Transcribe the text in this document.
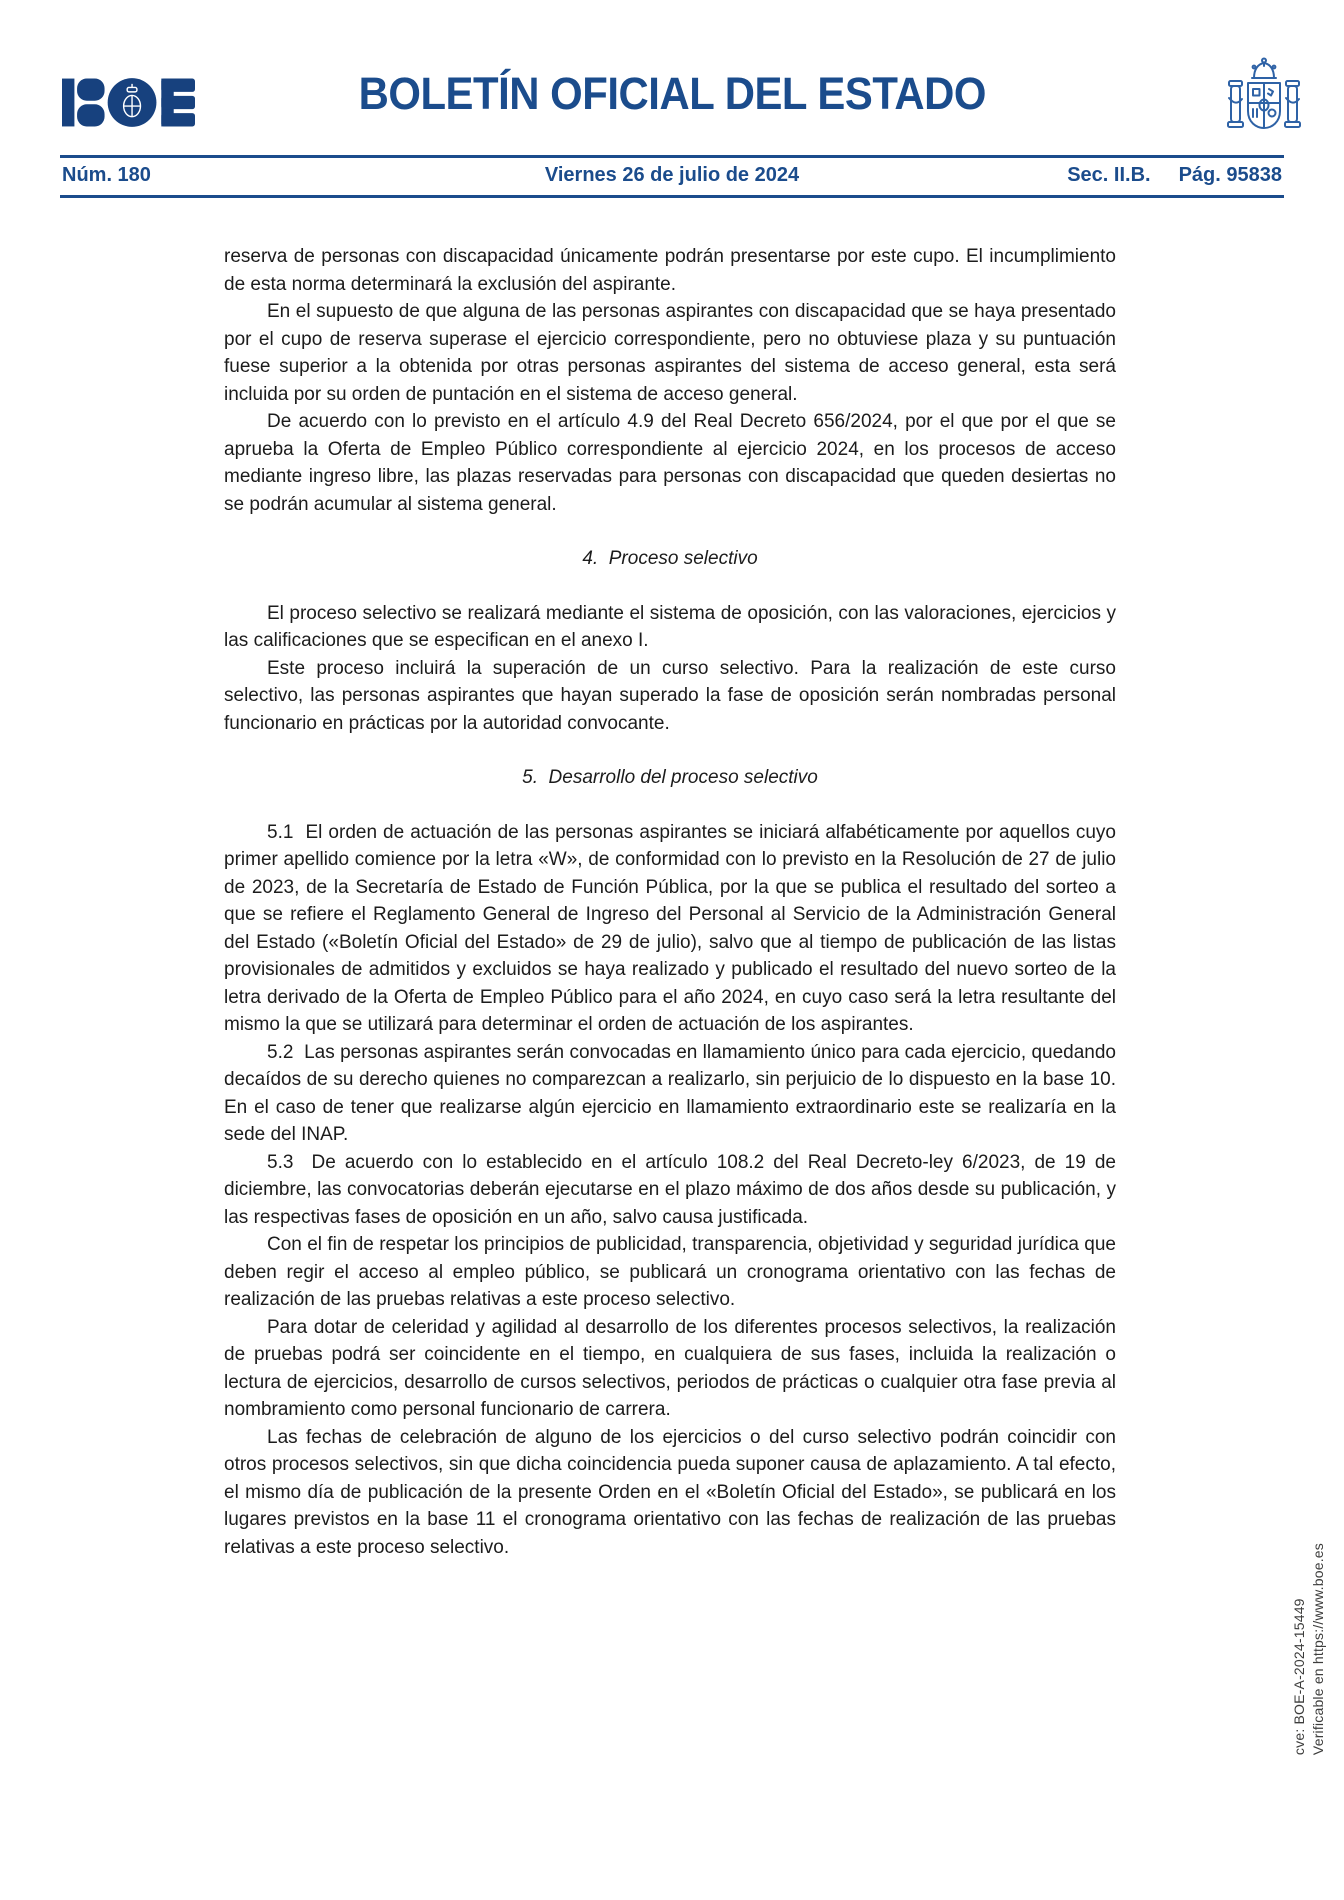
BOLETÍN OFICIAL DEL ESTADO
Núm. 180	Viernes 26 de julio de 2024	Sec. II.B. Pág. 95838

reserva de personas con discapacidad únicamente podrán presentarse por este cupo. El incumplimiento de esta norma determinará la exclusión del aspirante.

En el supuesto de que alguna de las personas aspirantes con discapacidad que se haya presentado por el cupo de reserva superase el ejercicio correspondiente, pero no obtuviese plaza y su puntuación fuese superior a la obtenida por otras personas aspirantes del sistema de acceso general, esta será incluida por su orden de puntación en el sistema de acceso general.

De acuerdo con lo previsto en el artículo 4.9 del Real Decreto 656/2024, por el que por el que se aprueba la Oferta de Empleo Público correspondiente al ejercicio 2024, en los procesos de acceso mediante ingreso libre, las plazas reservadas para personas con discapacidad que queden desiertas no se podrán acumular al sistema general.

4.  Proceso selectivo

El proceso selectivo se realizará mediante el sistema de oposición, con las valoraciones, ejercicios y las calificaciones que se especifican en el anexo I.

Este proceso incluirá la superación de un curso selectivo. Para la realización de este curso selectivo, las personas aspirantes que hayan superado la fase de oposición serán nombradas personal funcionario en prácticas por la autoridad convocante.

5.  Desarrollo del proceso selectivo

5.1  El orden de actuación de las personas aspirantes se iniciará alfabéticamente por aquellos cuyo primer apellido comience por la letra «W», de conformidad con lo previsto en la Resolución de 27 de julio de 2023, de la Secretaría de Estado de Función Pública, por la que se publica el resultado del sorteo a que se refiere el Reglamento General de Ingreso del Personal al Servicio de la Administración General del Estado («Boletín Oficial del Estado» de 29 de julio), salvo que al tiempo de publicación de las listas provisionales de admitidos y excluidos se haya realizado y publicado el resultado del nuevo sorteo de la letra derivado de la Oferta de Empleo Público para el año 2024, en cuyo caso será la letra resultante del mismo la que se utilizará para determinar el orden de actuación de los aspirantes.

5.2  Las personas aspirantes serán convocadas en llamamiento único para cada ejercicio, quedando decaídos de su derecho quienes no comparezcan a realizarlo, sin perjuicio de lo dispuesto en la base 10. En el caso de tener que realizarse algún ejercicio en llamamiento extraordinario este se realizaría en la sede del INAP.

5.3  De acuerdo con lo establecido en el artículo 108.2 del Real Decreto-ley 6/2023, de 19 de diciembre, las convocatorias deberán ejecutarse en el plazo máximo de dos años desde su publicación, y las respectivas fases de oposición en un año, salvo causa justificada.

Con el fin de respetar los principios de publicidad, transparencia, objetividad y seguridad jurídica que deben regir el acceso al empleo público, se publicará un cronograma orientativo con las fechas de realización de las pruebas relativas a este proceso selectivo.

Para dotar de celeridad y agilidad al desarrollo de los diferentes procesos selectivos, la realización de pruebas podrá ser coincidente en el tiempo, en cualquiera de sus fases, incluida la realización o lectura de ejercicios, desarrollo de cursos selectivos, periodos de prácticas o cualquier otra fase previa al nombramiento como personal funcionario de carrera.

Las fechas de celebración de alguno de los ejercicios o del curso selectivo podrán coincidir con otros procesos selectivos, sin que dicha coincidencia pueda suponer causa de aplazamiento. A tal efecto, el mismo día de publicación de la presente Orden en el «Boletín Oficial del Estado», se publicará en los lugares previstos en la base 11 el cronograma orientativo con las fechas de realización de las pruebas relativas a este proceso selectivo.

cve: BOE-A-2024-15449 Verificable en https://www.boe.es
